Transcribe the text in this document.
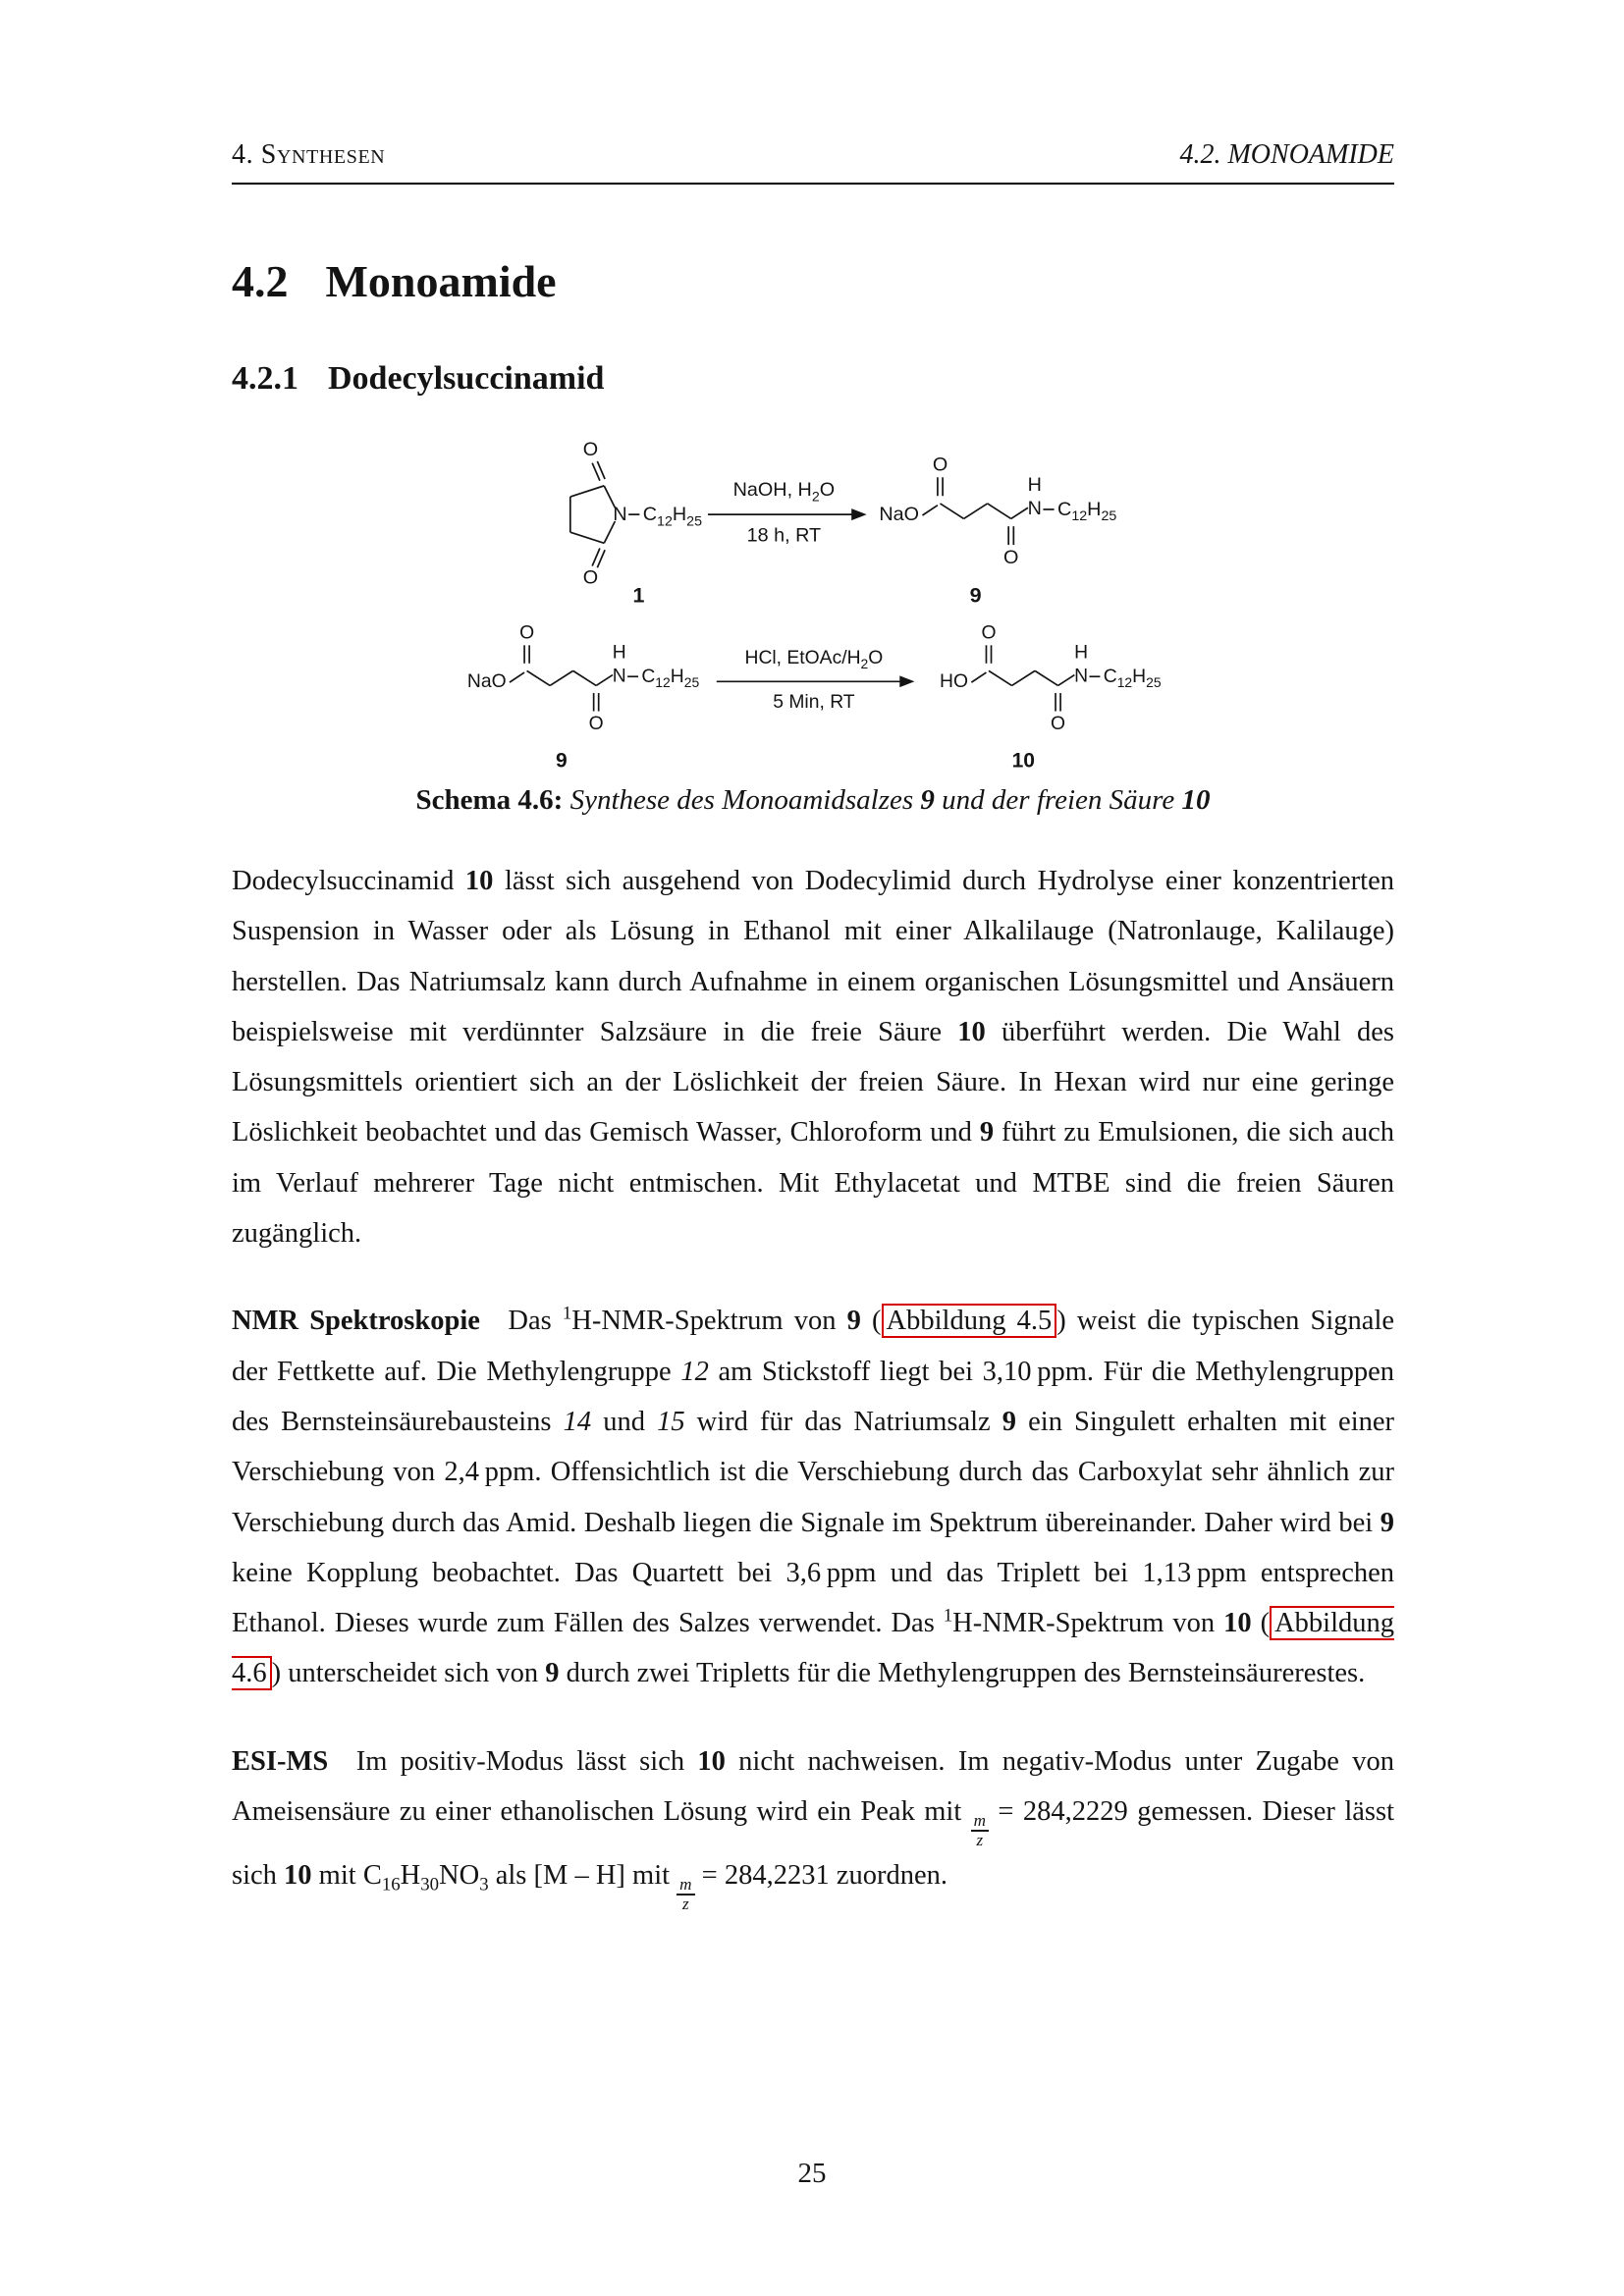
4. Synthesen	4.2. MONOAMIDE
4.2 Monoamide
4.2.1 Dodecylsuccinamid
O
O
N $C_{12}H_{25}$
1
NaOH, $H_2O$
18 h, RT
NaO
O
O
N
H
$C_{12}H_{25}$
9
NaO
O
O
N
H
$C_{12}H_{25}$
9
HCl, EtOAc/$H_2O$
5 Min, RT
HO
O
O
N
H
$C_{12}H_{25}$
10
Schema 4.6: Synthese des Monoamidsalzes 9 und der freien Säure 10

Dodecylsuccinamid 10 lässt sich ausgehend von Dodecylimid durch Hydrolyse einer konzentrierten Suspension in Wasser oder als Lösung in Ethanol mit einer Alkalilauge (Natronlauge, Kalilauge) herstellen. Das Natriumsalz kann durch Aufnahme in einem organischen Lösungsmittel und Ansäuern beispielsweise mit verdünnter Salzsäure in die freie Säure 10 überführt werden. Die Wahl des Lösungsmittels orientiert sich an der Löslichkeit der freien Säure. In Hexan wird nur eine geringe Löslichkeit beobachtet und das Gemisch Wasser, Chloroform und 9 führt zu Emulsionen, die sich auch im Verlauf mehrerer Tage nicht entmischen. Mit Ethylacetat und MTBE sind die freien Säuren zugänglich.

NMR Spektroskopie Das $^1$H-NMR-Spektrum von 9 ( Abbildung 4.5 ) weist die typischen Signale der Fettkette auf. Die Methylengruppe 12 am Stickstoff liegt bei 3,10 ppm. Für die Methylengruppen des Bernsteinsäurebausteins 14 und 15 wird für das Natriumsalz 9 ein Singulett erhalten mit einer Verschiebung von 2,4 ppm. Offensichtlich ist die Verschiebung durch das Carboxylat sehr ähnlich zur Verschiebung durch das Amid. Deshalb liegen die Signale im Spektrum übereinander. Daher wird bei 9 keine Kopplung beobachtet. Das Quartett bei 3,6 ppm und das Triplett bei 1,13 ppm entsprechen Ethanol. Dieses wurde zum Fällen des Salzes verwendet. Das $^1$H-NMR-Spektrum von 10 ( Abbildung 4.6 ) unterscheidet sich von 9 durch zwei Tripletts für die Methylengruppen des Bernsteinsäurerestes.

ESI-MS Im positiv-Modus lässt sich 10 nicht nachweisen. Im negativ-Modus unter Zugabe von Ameisensäure zu einer ethanolischen Lösung wird ein Peak mit
$\frac{m}{z}$
= 284,2229 gemessen. Dieser lässt sich 10 mit $C_{16}H_{30}NO_3$ als [M – H] mit
$\frac{m}{z}$
= 284,2231 zuordnen.

25
